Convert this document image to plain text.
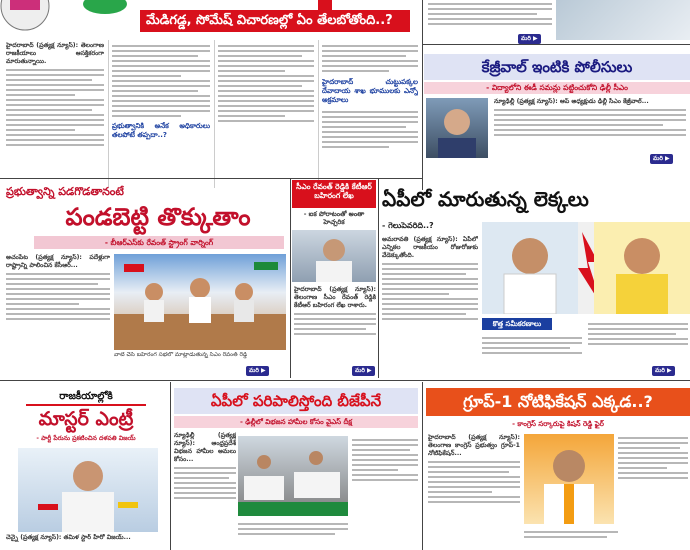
మేడిగడ్డ, సోమేష్ విచారణల్లో ఏం తేలబోతోంది..?
హైదరాబాద్ (ప్రత్యక్ష న్యూస్): తెలంగాణ రాజకీయాలు ఆసక్తికరంగా మారుతున్నాయి.
ప్రభుత్వానికి అనేక అధికారులు తలపోటే తప్పదా..?
హైదరాబాద్ చుట్టుపక్కల దేవాదాయ శాఖ భూములకు ఎన్నో అక్రమాలు
మరి ▶
కేజ్రీవాల్ ఇంటికి పోలీసులు
- విద్యాలోని ఈడీ సమన్లు పట్టించుకోని ఢిల్లీ సీఎం
న్యూఢిల్లీ (ప్రత్యక్ష న్యూస్): ఆప్ అధ్యక్షుడు ఢిల్లీ సీఎం కేజ్రీవాల్...
మరి ▶
ప్రభుత్వాన్ని పడగొడతానంటే
పండబెట్టి తొక్కుతాం
- బీఆర్ఎస్‌కు రేవంత్ స్ట్రాంగ్ వార్నింగ్
అచంపేట (ప్రత్యక్ష న్యూస్): పదేళ్లుగా రాష్ట్రాన్ని పాలించిన కేసీఆర్...
వాటి చేసి బహిరంగ సభలో మాట్లాడుతున్న సీఎం రేవంత్ రెడ్డి
మరి ▶
సీఎం రేవంత్ రెడ్డికి కేటీఆర్ బహిరంగ లేఖ
- ఐక పోరాటంతో అంతా హెచ్చరిక
హైదరాబాద్ (ప్రత్యక్ష న్యూస్): తెలంగాణ సీఎం రేవంత్ రెడ్డికి కేటీఆర్ బహిరంగ లేఖ రాశారు.
మరి ▶
ఏపీలో మారుతున్న లెక్కలు
- గెలుపెవరిది..?
అమరావతి (ప్రత్యక్ష న్యూస్): ఏపీలో ఎన్నికల రాజకీయం రోజురోజుకు వేడెక్కుతోంది.
కొత్త సమీకరణాలు
మరి ▶
రాజకీయాల్లోకి
మాస్టర్ ఎంట్రీ
- పార్టీ పేరును ప్రకటించిన దళపతి విజయ్
చెన్నై (ప్రత్యక్ష న్యూస్): తమిళ స్టార్ హీరో విజయ్...
ఏపీలో పరిపాలిస్తోంది బీజేపీనే
- ఢిల్లీలో విభజన హామీల కోసం వైఎస్ దీక్ష
న్యూఢిల్లీ (ప్రత్యక్ష న్యూస్): ఆంధ్రప్రదేశ్ విభజన హామీల అమలు కోసం...
గ్రూప్-1 నోటిఫికేషన్ ఎక్కడ..?
- కాంగ్రెస్ సర్కారుపై కిషన్ రెడ్డి ఫైర్
హైదరాబాద్ (ప్రత్యక్ష న్యూస్): తెలంగాణ కాంగ్రెస్ ప్రభుత్వం గ్రూప్-1 నోటిఫికేషన్...
